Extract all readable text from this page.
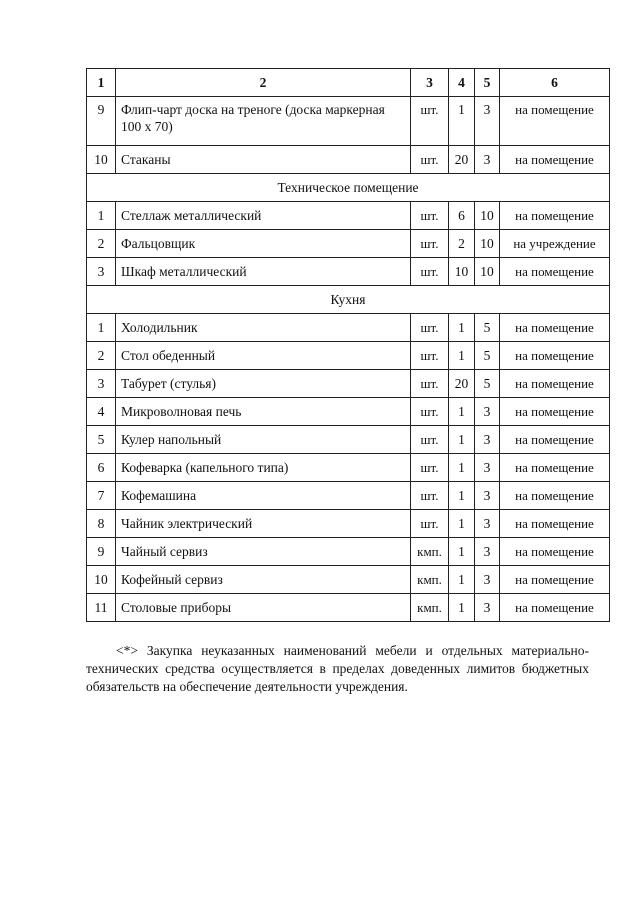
1	2	3	4	5	6
9	Флип-чарт доска на треноге (доска маркерная 100 х 70)	шт.	1	3	на помещение
10	Стаканы	шт.	20	3	на помещение
Техническое помещение					
1	Стеллаж металлический	шт.	6	10	на помещение
2	Фальцовщик	шт.	2	10	на учреждение
3	Шкаф металлический	шт.	10	10	на помещение
Кухня					
1	Холодильник	шт.	1	5	на помещение
2	Стол обеденный	шт.	1	5	на помещение
3	Табурет (стулья)	шт.	20	5	на помещение
4	Микроволновая печь	шт.	1	3	на помещение
5	Кулер напольный	шт.	1	3	на помещение
6	Кофеварка (капельного типа)	шт.	1	3	на помещение
7	Кофемашина	шт.	1	3	на помещение
8	Чайник электрический	шт.	1	3	на помещение
9	Чайный сервиз	кмп.	1	3	на помещение
10	Кофейный сервиз	кмп.	1	3	на помещение
11	Столовые приборы	кмп.	1	3	на помещение
<*> Закупка неуказанных наименований мебели и отдельных материально-технических средства осуществляется в пределах доведенных лимитов бюджетных обязательств на обеспечение деятельности учреждения.
